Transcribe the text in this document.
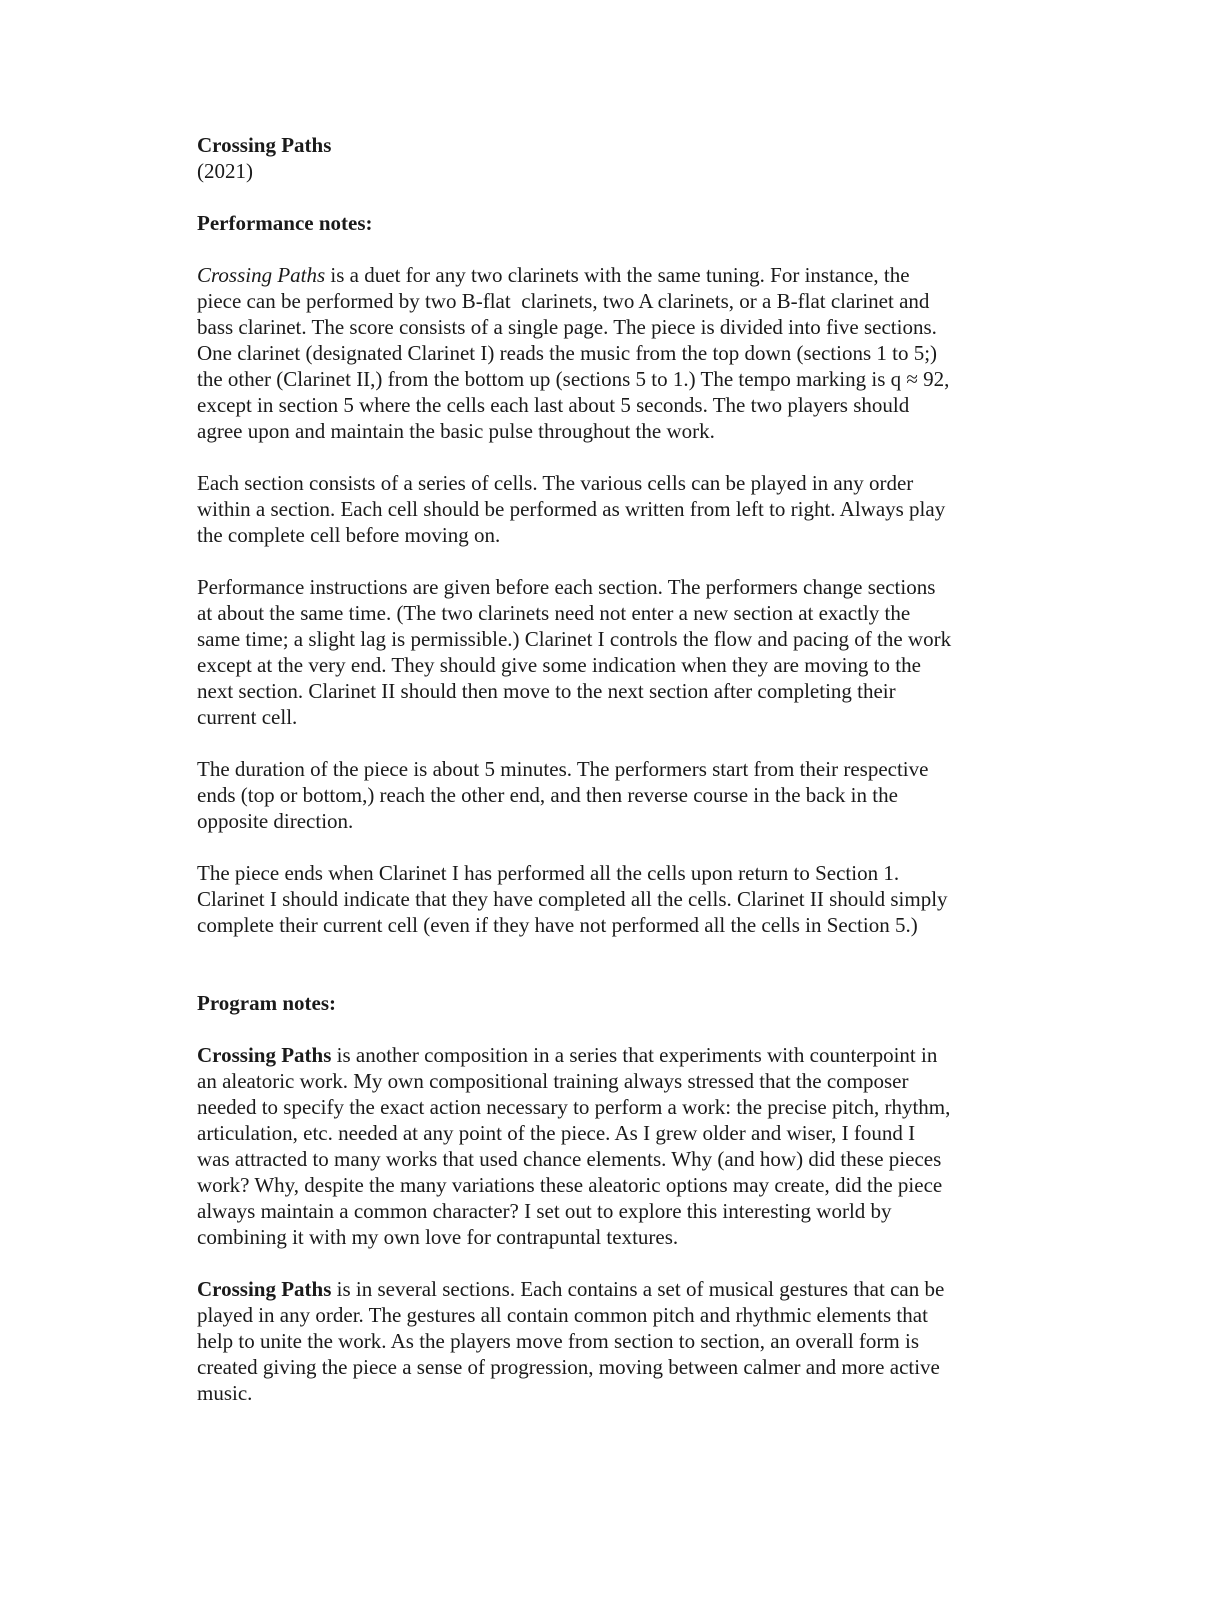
Crossing Paths
(2021)
Performance notes:
Crossing Paths is a duet for any two clarinets with the same tuning. For instance, the
piece can be performed by two B-flat  clarinets, two A clarinets, or a B-flat clarinet and
bass clarinet. The score consists of a single page. The piece is divided into five sections.
One clarinet (designated Clarinet I) reads the music from the top down (sections 1 to 5;)
the other (Clarinet II,) from the bottom up (sections 5 to 1.) The tempo marking is q ≈ 92,
except in section 5 where the cells each last about 5 seconds. The two players should
agree upon and maintain the basic pulse throughout the work.
Each section consists of a series of cells. The various cells can be played in any order
within a section. Each cell should be performed as written from left to right. Always play
the complete cell before moving on.
Performance instructions are given before each section. The performers change sections
at about the same time. (The two clarinets need not enter a new section at exactly the
same time; a slight lag is permissible.) Clarinet I controls the flow and pacing of the work
except at the very end. They should give some indication when they are moving to the
next section. Clarinet II should then move to the next section after completing their
current cell.
The duration of the piece is about 5 minutes. The performers start from their respective
ends (top or bottom,) reach the other end, and then reverse course in the back in the
opposite direction.
The piece ends when Clarinet I has performed all the cells upon return to Section 1.
Clarinet I should indicate that they have completed all the cells. Clarinet II should simply
complete their current cell (even if they have not performed all the cells in Section 5.)
Program notes:
Crossing Paths is another composition in a series that experiments with counterpoint in
an aleatoric work. My own compositional training always stressed that the composer
needed to specify the exact action necessary to perform a work: the precise pitch, rhythm,
articulation, etc. needed at any point of the piece. As I grew older and wiser, I found I
was attracted to many works that used chance elements. Why (and how) did these pieces
work? Why, despite the many variations these aleatoric options may create, did the piece
always maintain a common character? I set out to explore this interesting world by
combining it with my own love for contrapuntal textures.
Crossing Paths is in several sections. Each contains a set of musical gestures that can be
played in any order. The gestures all contain common pitch and rhythmic elements that
help to unite the work. As the players move from section to section, an overall form is
created giving the piece a sense of progression, moving between calmer and more active
music.
